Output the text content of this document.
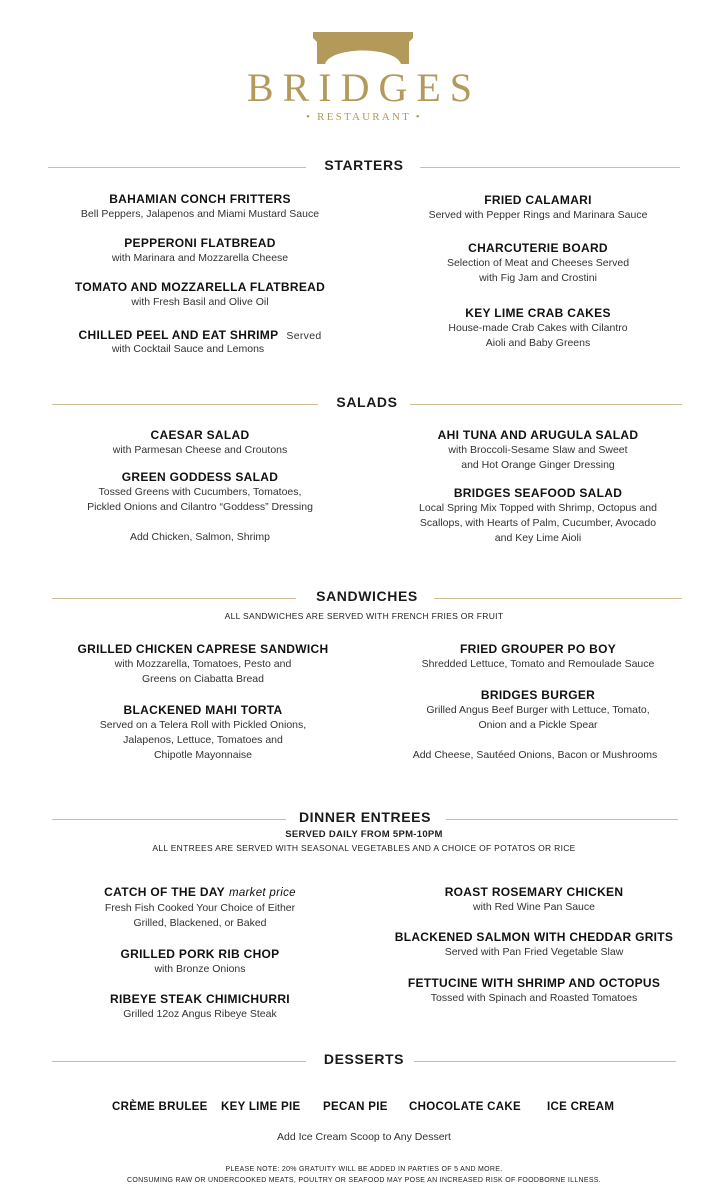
BRIDGES
• RESTAURANT •
STARTERS
BAHAMIAN CONCH FRITTERS
Bell Peppers, Jalapenos and Miami Mustard Sauce
PEPPERONI FLATBREAD
with Marinara and Mozzarella Cheese
TOMATO AND MOZZARELLA FLATBREAD
with Fresh Basil and Olive Oil
CHILLED PEEL AND EAT SHRIMP Served
with Cocktail Sauce and Lemons
FRIED CALAMARI
Served with Pepper Rings and Marinara Sauce
CHARCUTERIE BOARD
Selection of Meat and Cheeses Served
with Fig Jam and Crostini
KEY LIME CRAB CAKES
House-made Crab Cakes with Cilantro
Aioli and Baby Greens
SALADS
CAESAR SALAD
with Parmesan Cheese and Croutons
GREEN GODDESS SALAD
Tossed Greens with Cucumbers, Tomatoes,
Pickled Onions and Cilantro “Goddess” Dressing
Add Chicken, Salmon, Shrimp
AHI TUNA AND ARUGULA SALAD
with Broccoli-Sesame Slaw and Sweet
and Hot Orange Ginger Dressing
BRIDGES SEAFOOD SALAD
Local Spring Mix Topped with Shrimp, Octopus and
Scallops, with Hearts of Palm, Cucumber, Avocado
and Key Lime Aioli
SANDWICHES
ALL SANDWICHES ARE SERVED WITH FRENCH FRIES OR FRUIT
GRILLED CHICKEN CAPRESE SANDWICH
with Mozzarella, Tomatoes, Pesto and
Greens on Ciabatta Bread
BLACKENED MAHI TORTA
Served on a Telera Roll with Pickled Onions,
Jalapenos, Lettuce, Tomatoes and
Chipotle Mayonnaise
FRIED GROUPER PO BOY
Shredded Lettuce, Tomato and Remoulade Sauce
BRIDGES BURGER
Grilled Angus Beef Burger with Lettuce, Tomato,
Onion and a Pickle Spear
Add Cheese, Sautéed Onions, Bacon or Mushrooms
DINNER ENTREES
SERVED DAILY FROM 5PM-10PM
ALL ENTREES ARE SERVED WITH SEASONAL VEGETABLES AND A CHOICE OF POTATOS OR RICE
CATCH OF THE DAY market price
Fresh Fish Cooked Your Choice of Either
Grilled, Blackened, or Baked
GRILLED PORK RIB CHOP
with Bronze Onions
RIBEYE STEAK CHIMICHURRI
Grilled 12oz Angus Ribeye Steak
ROAST ROSEMARY CHICKEN
with Red Wine Pan Sauce
BLACKENED SALMON WITH CHEDDAR GRITS
Served with Pan Fried Vegetable Slaw
FETTUCINE WITH SHRIMP AND OCTOPUS
Tossed with Spinach and Roasted Tomatoes
DESSERTS
CRÈME BRULEE KEY LIME PIE PECAN PIE CHOCOLATE CAKE ICE CREAM
Add Ice Cream Scoop to Any Dessert
PLEASE NOTE: 20% GRATUITY WILL BE ADDED IN PARTIES OF 5 AND MORE.
CONSUMING RAW OR UNDERCOOKED MEATS, POULTRY OR SEAFOOD MAY POSE AN INCREASED RISK OF FOODBORNE ILLNESS.
